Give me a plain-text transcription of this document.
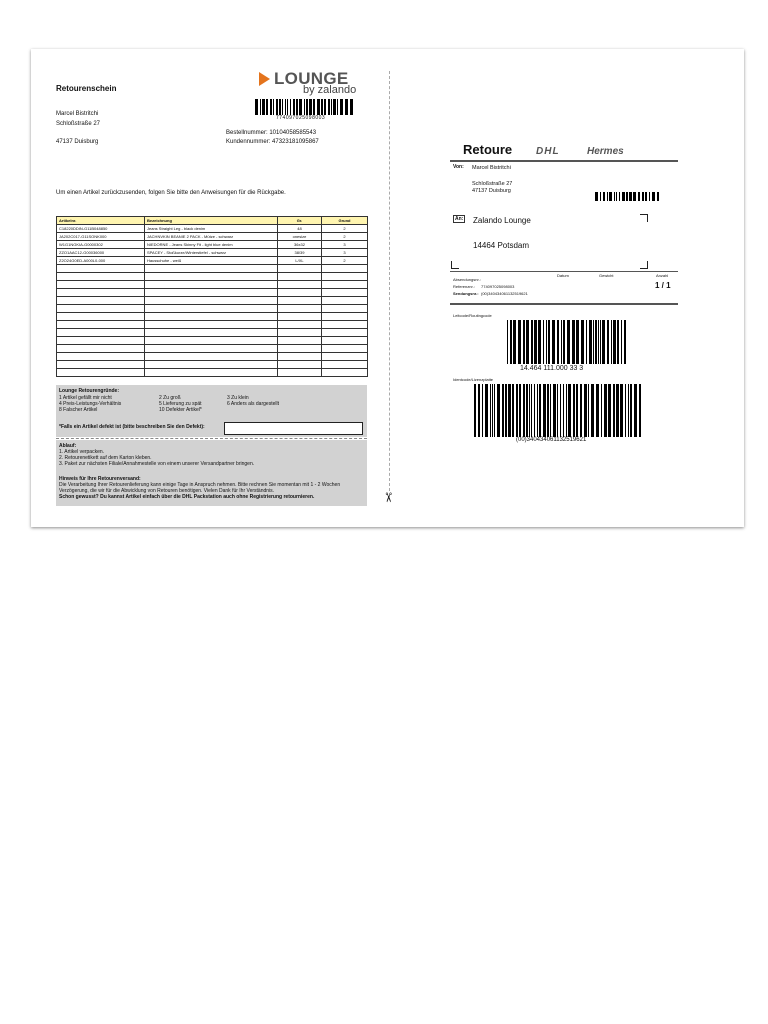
Retourenschein
LOUNGE
by zalando
774097025098003
Marcel Bistritchi
Schloßstraße 27
47137 Duisburg
Bestellnummer: 10104058585543
Kundennummer: 47323181095867
Um einen Artikel zurückzusenden, folgen Sie bitte den Anweisungen für die Rückgabe.
Artikelnr.	Bezeichnung	Gr.	Grund
C18220DDIN-G11B048850	Jeans Straight Leg - black denim	48	2
JA202C017-G11SONK000	JACHNVKIN BEANIE 2 PACK - Mütze - schwarz	onesize	2
W1G1NGKIA-G0000302	NIEDORNE - Jeans Skinny Fit - light blue denim	36x32	3
ZZO1AAC12-G00036000	SPACEY - Stoßkurze/Winterstiefel - schwarz	38/39	3
Z2O24G0ED-A000L0-000	Hausschuhe - weiß	L/XL	2

Lounge Retourengründe:
1 Artikel gefällt mir nicht	2 Zu groß	3 Zu klein
4 Preis-Leistungs-Verhältnis	5 Lieferung zu spät	6 Anders als dargestellt
8 Falscher Artikel	10 Defekter Artikel*
*Falls ein Artikel defekt ist (bitte beschreiben Sie den Defekt):
Ablauf:
1. Artikel verpacken.
2. Retourenetikett auf dem Karton kleben.
3. Paket zur nächsten Filiale/Annahmestelle von einem unserer Versandpartner bringen.
Hinweis für Ihre Retourenversand:
Die Verarbeitung Ihrer Retourenlieferung kann einige Tage in Anspruch nehmen. Bitte rechnen Sie momentan mit 1 - 2 Wochen
Verzögerung, die wir für die Abwicklung von Retouren benötigen. Vielen Dank für Ihr Verständnis.
Schon gewusst? Du kannst Artikel einfach über die DHL Packstation auch ohne Registrierung retournieren.	✂
Retoure DHL	Hermes
Von: Marcel Bistritchi
Schloßstraße 27
47137 Duisburg
An: Zalando Lounge
14464 Potsdam
Absendungsnr.:
Datum	Gewicht	Anzahl
Referenznr.: 774097025098003	1 / 1
Sendungsnr.: (00)340434061132519621
Leitcode/Routingcode
14.464 111.000 33 3
Identcode/Lizenzplatte
(00)340434061132519621
